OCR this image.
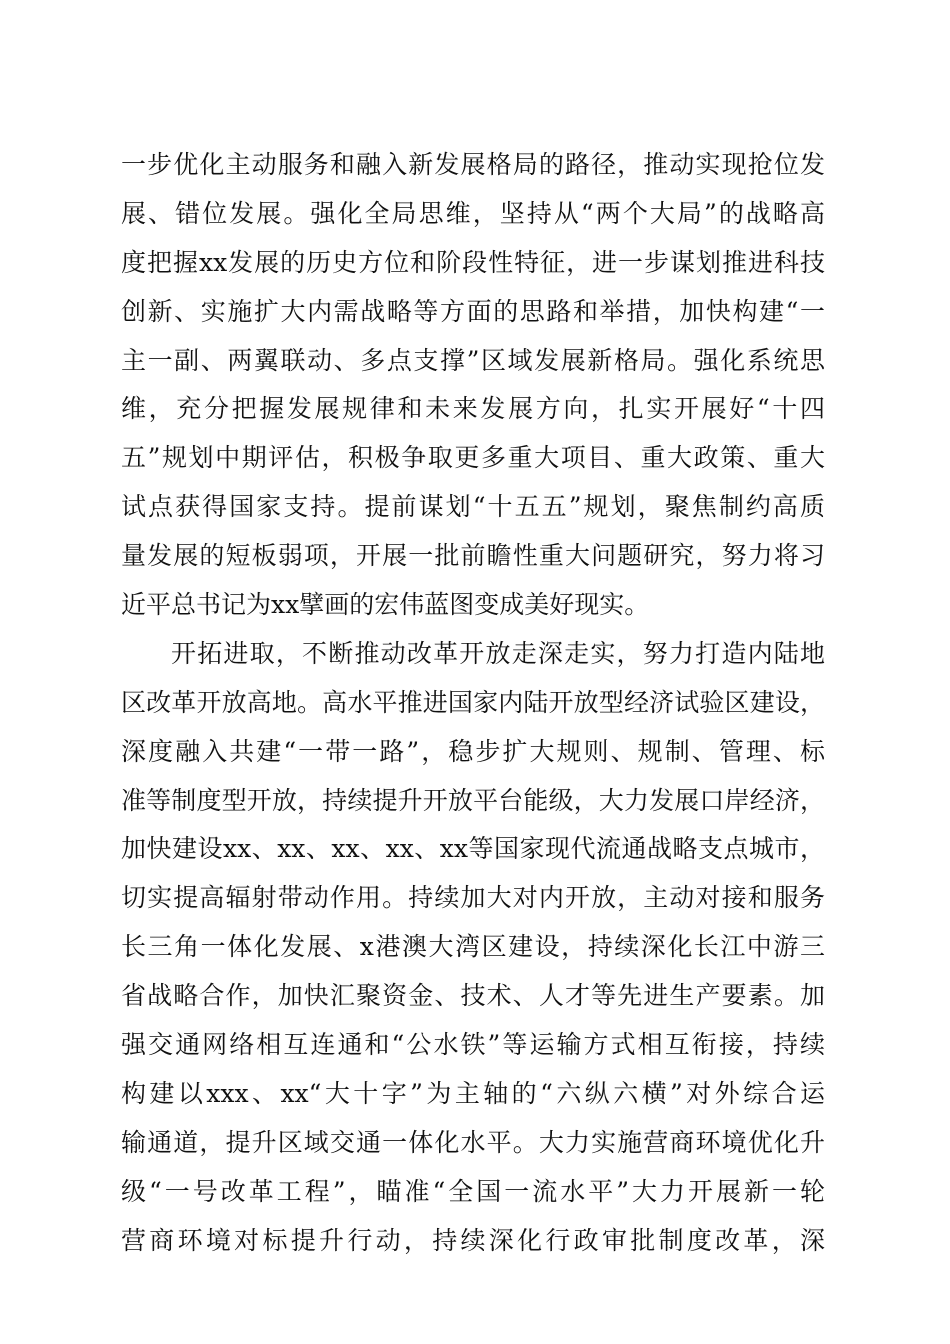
一步优化主动服务和融入新发展格局的路径，推动实现抢位发
展、错位发展。强化全局思维，坚持从“两个大局”的战略高
度把握xx发展的历史方位和阶段性特征，进一步谋划推进科技
创新、实施扩大内需战略等方面的思路和举措，加快构建“一
主一副、两翼联动、多点支撑”区域发展新格局。强化系统思
维，充分把握发展规律和未来发展方向，扎实开展好“十四
五”规划中期评估，积极争取更多重大项目、重大政策、重大
试点获得国家支持。提前谋划“十五五”规划，聚焦制约高质
量发展的短板弱项，开展一批前瞻性重大问题研究，努力将习
近平总书记为xx擘画的宏伟蓝图变成美好现实。
开拓进取，不断推动改革开放走深走实，努力打造内陆地
区改革开放高地。高水平推进国家内陆开放型经济试验区建设，
深度融入共建“一带一路”，稳步扩大规则、规制、管理、标
准等制度型开放，持续提升开放平台能级，大力发展口岸经济，
加快建设xx、xx、xx、xx、xx等国家现代流通战略支点城市，
切实提高辐射带动作用。持续加大对内开放，主动对接和服务
长三角一体化发展、x港澳大湾区建设，持续深化长江中游三
省战略合作，加快汇聚资金、技术、人才等先进生产要素。加
强交通网络相互连通和“公水铁”等运输方式相互衔接，持续
构建以xxx、xx“大十字”为主轴的“六纵六横”对外综合运
输通道，提升区域交通一体化水平。大力实施营商环境优化升
级“一号改革工程”，瞄准“全国一流水平”大力开展新一轮
营商环境对标提升行动，持续深化行政审批制度改革，深
